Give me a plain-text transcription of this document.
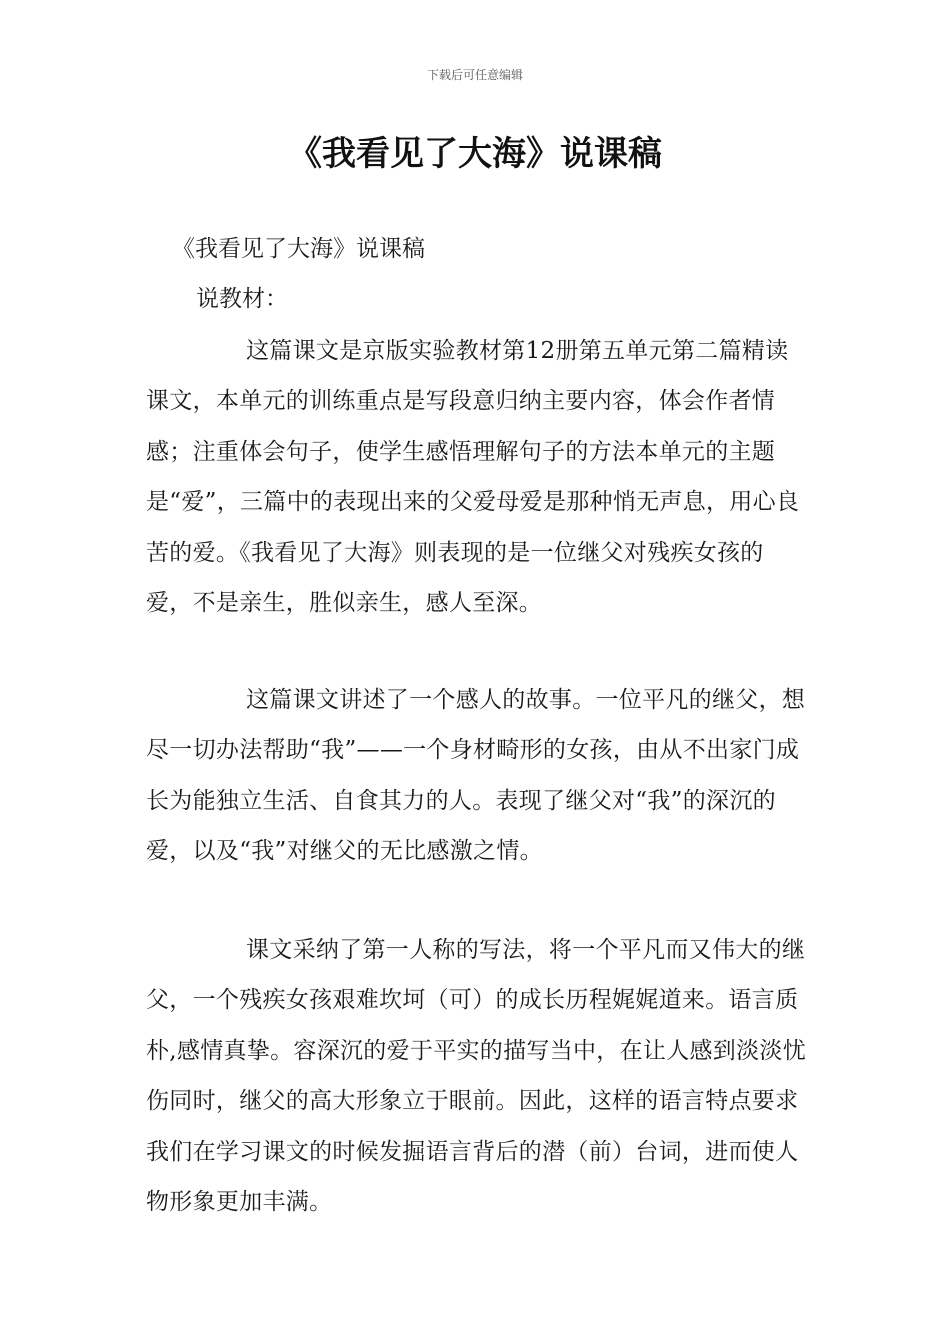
下载后可任意编辑
《我看见了大海》说课稿
《我看见了大海》说课稿
说教材：

这篇课文是京版实验教材第12册第五单元第二篇精读课文，本单元的训练重点是写段意归纳主要内容，体会作者情感；注重体会句子，使学生感悟理解句子的方法本单元的主题是“爱”，三篇中的表现出来的父爱母爱是那种悄无声息，用心良苦的爱。《我看见了大海》则表现的是一位继父对残疾女孩的爱，不是亲生，胜似亲生，感人至深。

这篇课文讲述了一个感人的故事。一位平凡的继父，想尽一切办法帮助“我”——一个身材畸形的女孩，由从不出家门成长为能独立生活、自食其力的人。表现了继父对“我”的深沉的爱，以及“我”对继父的无比感激之情。

课文采纳了第一人称的写法，将一个平凡而又伟大的继父，一个残疾女孩艰难坎坷（可）的成长历程娓娓道来。语言质朴,感情真挚。容深沉的爱于平实的描写当中，在让人感到淡淡忧伤同时，继父的高大形象立于眼前。因此，这样的语言特点要求我们在学习课文的时候发掘语言背后的潜（前）台词，进而使人物形象更加丰满。
